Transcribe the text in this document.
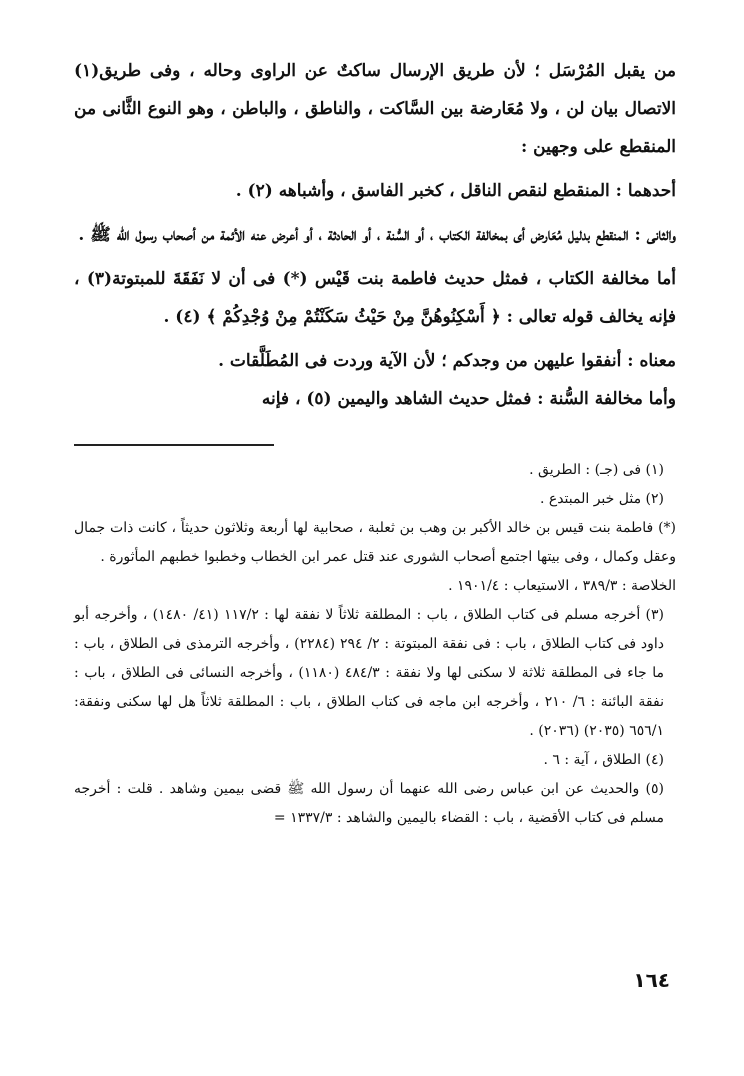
من يقبل المُرْسَل ؛ لأن طريق الإرسال ساكتٌ عن الراوى وحاله ، وفى طريق(١) الاتصال بيان لن ، ولا مُعَارضة بين السَّاكت ، والناطق ، والباطن ، وهو النوع الثَّانى من المنقطع على وجهين :

أحدهما : المنقطع لنقص الناقل ، كخبر الفاسق ، وأشباهه (٢) .

والثانى : المنقطع بدليل مُعَارض أى بمخالفة الكتاب ، أو السُّنة ، أو الحادثة ، أو أعرض عنه الأئمة من أصحاب رسول الله ﷺ .

أما مخالفة الكتاب ، فمثل حديث فاطمة بنت قَيْس (*) فى أن لا نَفَقَةَ للمبتوتة(٣) ، فإنه يخالف قوله تعالى : ﴿ أَسْكِنُوهُنَّ مِنْ حَيْثُ سَكَنْتُمْ مِنْ وُجْدِكُمْ ﴾ (٤) .

معناه : أنفقوا عليهن من وجدكم ؛ لأن الآية وردت فى المُطَلَّقات .

وأما مخالفة السُّنة : فمثل حديث الشاهد واليمين (٥) ، فإنه

(١) فى (جـ) : الطريق .

(٢) مثل خبر المبتدع .

(*) فاطمة بنت قيس بن خالد الأكبر بن وهب بن ثعلبة ، صحابية لها أربعة وثلاثون حديثاً ، كانت ذات جمال وعقل وكمال ، وفى بيتها اجتمع أصحاب الشورى عند قتل عمر ابن الخطاب وخطبوا خطبهم المأثورة .

الخلاصة : ٣٨٩/٣ ، الاستيعاب : ١٩٠١/٤ .

(٣) أخرجه مسلم فى كتاب الطلاق ، باب : المطلقة ثلاثاً لا نفقة لها : ١١٧/٢ (٤١/ ١٤٨٠) ، وأخرجه أبو داود فى كتاب الطلاق ، باب : فى نفقة المبتوتة : ٢/ ٢٩٤ (٢٢٨٤) ، وأخرجه الترمذى فى الطلاق ، باب : ما جاء فى المطلقة ثلاثة لا سكنى لها ولا نفقة : ٤٨٤/٣ (١١٨٠) ، وأخرجه النسائى فى الطلاق ، باب : نفقة البائنة : ٦/ ٢١٠ ، وأخرجه ابن ماجه فى كتاب الطلاق ، باب : المطلقة ثلاثاً هل لها سكنى ونفقة: ٦٥٦/١ (٢٠٣٥) (٢٠٣٦) .

(٤) الطلاق ، آية : ٦ .

(٥) والحديث عن ابن عباس رضى الله عنهما أن رسول الله ﷺ قضى بيمين وشاهد . قلت : أخرجه مسلم فى كتاب الأقضية ، باب : القضاء باليمين والشاهد : ١٣٣٧/٣ =

١٦٤
